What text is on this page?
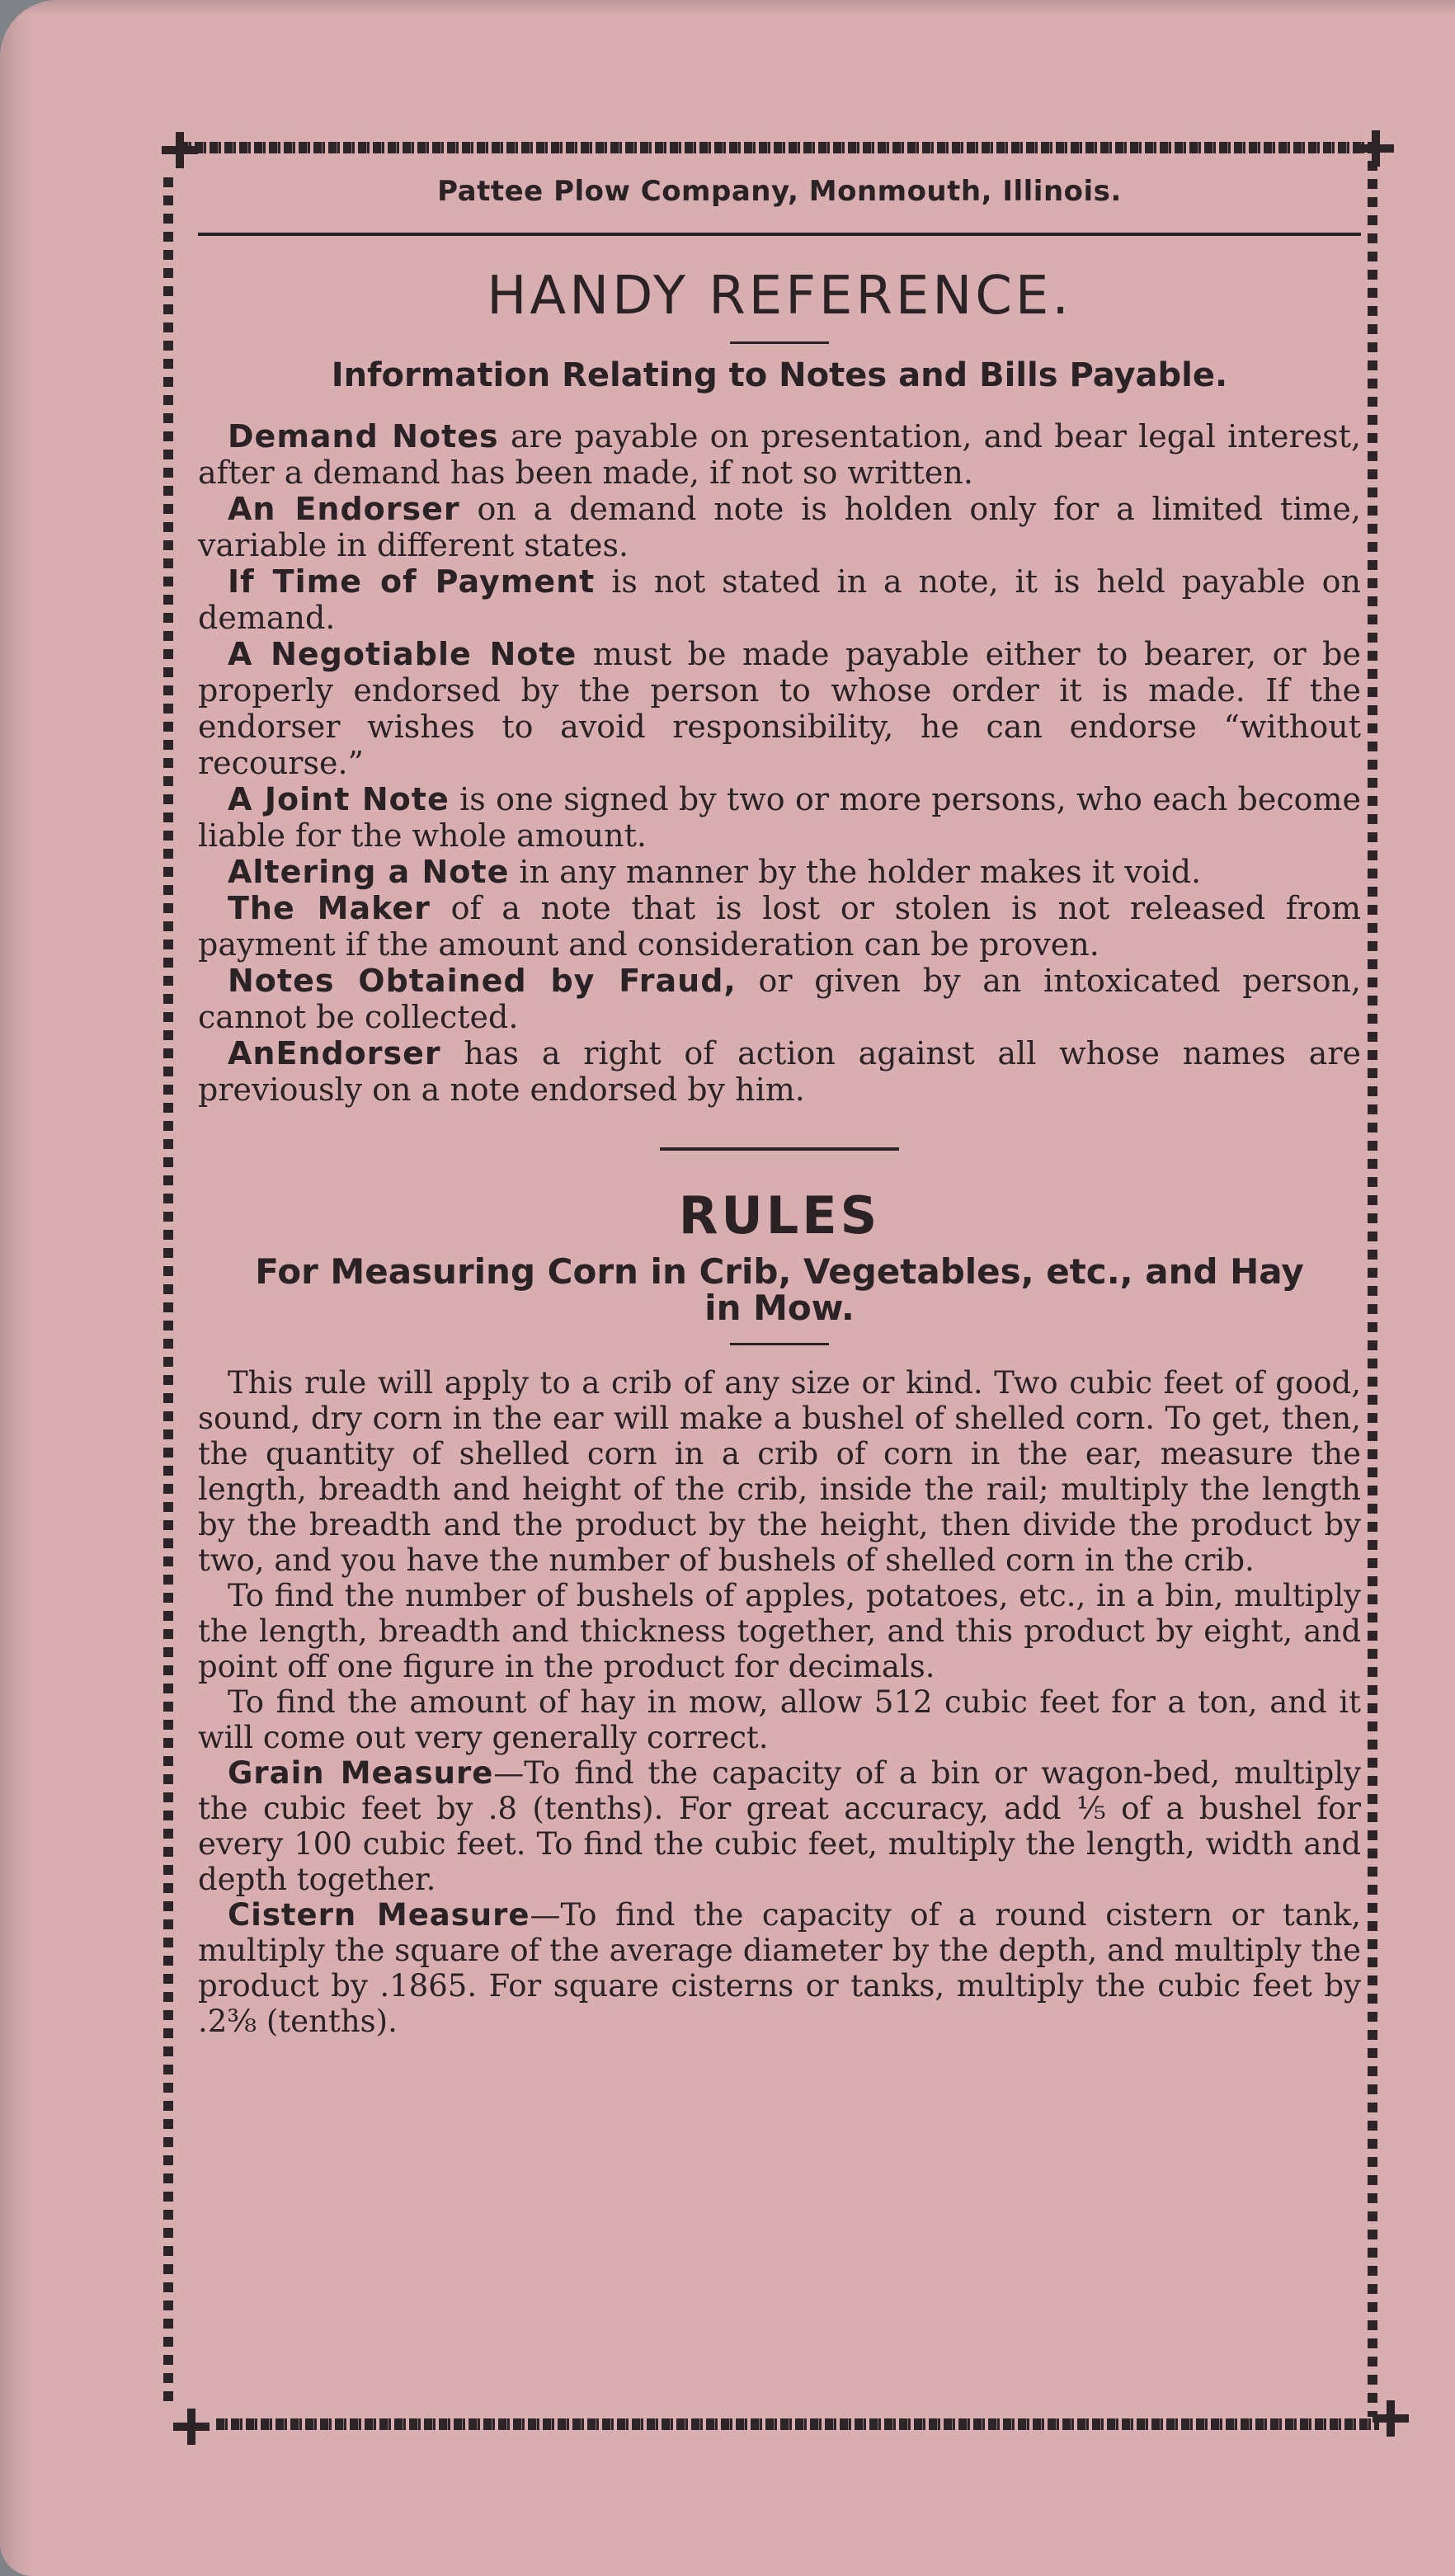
Pattee Plow Company, Monmouth, Illinois.
HANDY REFERENCE.
Information Relating to Notes and Bills Payable.

Demand Notes are payable on presentation, and bear legal interest, after a demand has been made, if not so written.

An Endorser on a demand note is holden only for a limited time, variable in different states.

If Time of Payment is not stated in a note, it is held payable on demand.

A Negotiable Note must be made payable either to bearer, or be properly endorsed by the person to whose order it is made. If the endorser wishes to avoid responsibility, he can endorse “without recourse.”

A Joint Note is one signed by two or more persons, who each become liable for the whole amount.

Altering a Note in any manner by the holder makes it void.

The Maker of a note that is lost or stolen is not released from payment if the amount and consideration can be proven.

Notes Obtained by Fraud, or given by an intoxicated person, cannot be collected.

AnEndorser has a right of action against all whose names are previously on a note endorsed by him.

RULES
For Measuring Corn in Crib, Vegetables, etc., and Hay in Mow.

This rule will apply to a crib of any size or kind. Two cubic feet of good, sound, dry corn in the ear will make a bushel of shelled corn. To get, then, the quantity of shelled corn in a crib of corn in the ear, measure the length, breadth and height of the crib, inside the rail; multiply the length by the breadth and the product by the height, then divide the product by two, and you have the number of bushels of shelled corn in the crib.

To find the number of bushels of apples, potatoes, etc., in a bin, multiply the length, breadth and thickness together, and this product by eight, and point off one figure in the product for decimals.

To find the amount of hay in mow, allow 512 cubic feet for a ton, and it will come out very generally correct.

Grain Measure—To find the capacity of a bin or wagon-bed, multiply the cubic feet by .8 (tenths). For great accuracy, add ⅕ of a bushel for every 100 cubic feet. To find the cubic feet, multiply the length, width and depth together.

Cistern Measure—To find the capacity of a round cistern or tank, multiply the square of the average diameter by the depth, and multiply the product by .1865. For square cisterns or tanks, multiply the cubic feet by .2⅜ (tenths).
